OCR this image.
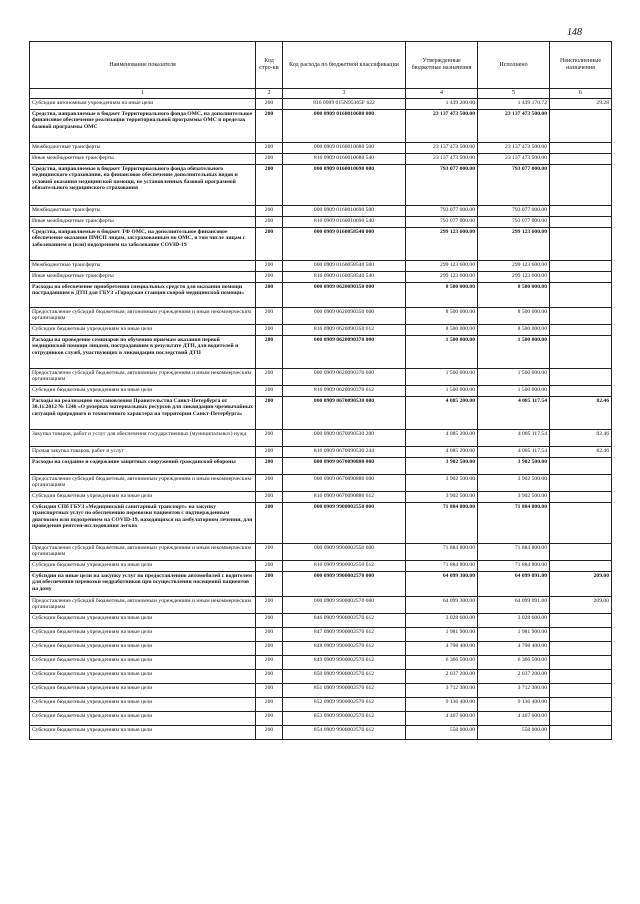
148
Наименование показателя	Код стро-ки	Код расхода по бюджетной классификации	Утвержденные бюджетные назначения	Исполнено	Неисполненные назначения
1	2	3	4	5	6
Субсидии автономным учреждениям на иные цели	200	816 0909 015N95365F 622	1 439 200.00	1 439 170.72	29.28
Средства, направляемые в бюджет Территориального фонда ОМС, на дополнительное финансовое обеспечение реализации территориальной программы ОМС в пределах базовой программы ОМС	200	000 0909 0160010680 000	23 137 473 500.00	23 137 473 500.00	
Межбюджетные трансферты	200	000 0909 0160010680 500	23 137 473 500.00	23 137 473 500.00	
Иные межбюджетные трансферты	200	816 0909 0160010680 540	23 137 473 500.00	23 137 473 500.00	
Средства, направляемые в бюджет Территориального фонда обязательного медицинского страхования, на финансовое обеспечение дополнительных видов и условий оказания медицинской помощи, не установленных базовой программой обязательного медицинского страхования	200	000 0909 0160010690 000	793 077 000.00	793 077 000.00	
Межбюджетные трансферты	200	000 0909 0160010690 500	793 077 000.00	793 077 000.00	
Иные межбюджетные трансферты	200	816 0909 0160010690 540	793 077 000.00	793 077 000.00	
Средства, направляемые в бюджет ТФ ОМС, на дополнительное финансовое обеспечение оказания ПМСП лицам, застрахованным по ОМС, в том числе лицам с заболеванием и (или) подозрением на заболевание COVID-19	200	000 0909 0160058540 000	299 123 600.00	299 123 600.00	
Межбюджетные трансферты	200	000 0909 0160058540 500	299 123 600.00	299 123 600.00	
Иные межбюджетные трансферты	200	816 0909 0160058540 540	299 123 600.00	299 123 600.00	
Расходы на обеспечение приобретения специальных средств для оказания помощи пострадавшим в ДТП для ГБУЗ «Городская станция скорой медицинской помощи»	200	000 0909 0620090350 000	8 500 000.00	8 500 000.00	
Предоставление субсидий бюджетным, автономным учреждениям и иным некоммерческим организациям	200	000 0909 0620090350 600	8 500 000.00	8 500 000.00	
Субсидии бюджетным учреждениям на иные цели	200	816 0909 0620090350 612	8 500 000.00	8 500 000.00	
Расходы на проведение семинаров по обучению приемам оказания первой медицинской помощи лицами, пострадавшим в результате ДТП, для водителей и сотрудников служб, участвующих в ликвидации последствий ДТП	200	000 0909 0620090370 000	1 500 000.00	1 500 000.00	
Предоставление субсидий бюджетным, автономным учреждениям и иным некоммерческим организациям	200	000 0909 0620090370 600	1 500 000.00	1 500 000.00	
Субсидии бюджетным учреждениям на иные цели	200	816 0909 0620090370 612	1 500 000.00	1 500 000.00	
Расходы на реализацию постановления Правительства Санкт-Петербурга от 30.11.2012 № 1246 «О резервах материальных ресурсов для ликвидации чрезвычайных ситуаций природного и техногенного характера на территории Санкт-Петербурга»	200	000 0909 0670090530 000	4 085 200.00	4 085 117.54	82.46
Закупка товаров, работ и услуг для обеспечения государственных (муниципальных) нужд	200	000 0909 0670090530 200	4 085 200.00	4 085 117.54	82.46
Прочая закупка товаров, работ и услуг	200	816 0909 0670090530 244	4 085 200.00	4 085 117.54	82.46
Расходы на создание и содержание защитных сооружений гражданской обороны	200	000 0909 0670090880 000	3 902 500.00	3 902 500.00	
Предоставление субсидий бюджетным, автономным учреждениям и иным некоммерческим организациям	200	000 0909 0670090880 600	3 902 500.00	3 902 500.00	
Субсидии бюджетным учреждениям на иные цели	200	816 0909 0670090880 612	3 902 500.00	3 902 500.00	
Субсидия СПб ГБУЗ «Медицинский санитарный транспорт» на закупку транспортных услуг по обеспечению перевозки пациентов с подтвержденным диагнозом или подозрением на COVID-19, находящихся на амбулаторном лечении, для проведения рентген-исследования легких	200	000 0909 9900002550 000	71 884 800.00	71 884 800.00	
Предоставление субсидий бюджетным, автономным учреждениям и иным некоммерческим организациям	200	000 0909 9900002550 600	71 884 800.00	71 884 800.00	
Субсидии бюджетным учреждениям на иные цели	200	816 0909 9900002550 612	71 884 800.00	71 884 800.00	
Субсидии на иные цели на закупку услуг по предоставлению автомобилей с водителем для обеспечения перевозки медработников при осуществлении посещений пациентов на дому	200	000 0909 9900002570 000	64 099 300.00	64 099 091.00	209.00
Предоставление субсидий бюджетным, автономным учреждениям и иным некоммерческим организациям	200	000 0909 9900002570 600	64 099 300.00	64 099 091.00	209.00
Субсидии бюджетным учреждениям на иные цели	200	846 0909 9900002570 612	3 028 600.00	3 028 600.00	
Субсидии бюджетным учреждениям на иные цели	200	847 0909 9900002570 612	1 981 900.00	1 981 900.00	
Субсидии бюджетным учреждениям на иные цели	200	848 0909 9900002570 612	4 798 400.00	4 798 400.00	
Субсидии бюджетным учреждениям на иные цели	200	849 0909 9900002570 612	6 366 500.00	6 366 500.00	
Субсидии бюджетным учреждениям на иные цели	200	850 0909 9900002570 612	2 037 200.00	2 037 200.00	
Субсидии бюджетным учреждениям на иные цели	200	851 0909 9900002570 612	3 712 300.00	3 712 300.00	
Субсидии бюджетным учреждениям на иные цели	200	852 0909 9900002570 612	9 136 400.00	9 136 400.00	
Субсидии бюджетным учреждениям на иные цели	200	853 0909 9900002570 612	4 467 000.00	4 467 000.00	
Субсидии бюджетным учреждениям на иные цели	200	854 0909 9900002570 612	558 000.00	558 000.00	
